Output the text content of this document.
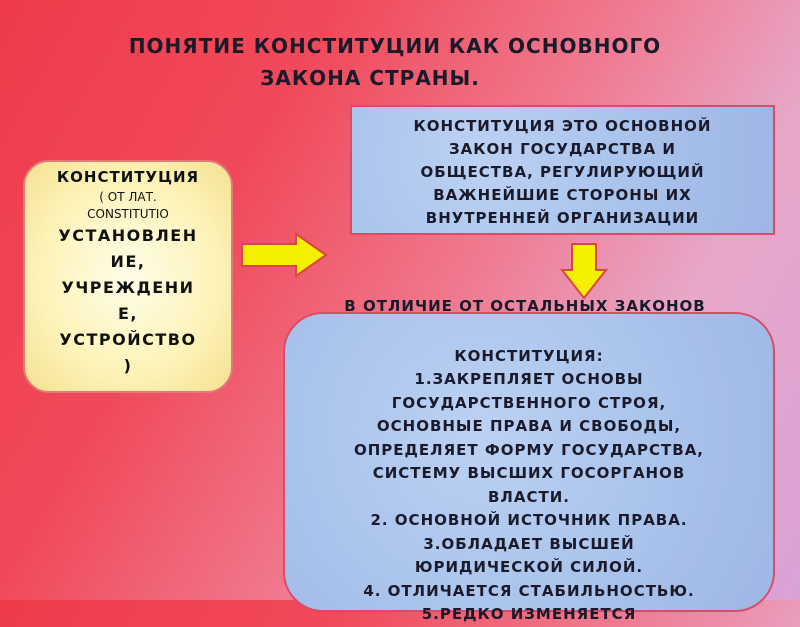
ПОНЯТИЕ КОНСТИТУЦИИ КАК ОСНОВНОГО
ЗАКОНА СТРАНЫ.
КОНСТИТУЦИЯ
( ОТ ЛАТ.
CONSTITUTIO
УСТАНОВЛЕН
ИЕ,
УЧРЕЖДЕНИ
Е,
УСТРОЙСТВО
)
КОНСТИТУЦИЯ ЭТО ОСНОВНОЙ
ЗАКОН ГОСУДАРСТВА И
ОБЩЕСТВА, РЕГУЛИРУЮЩИЙ
ВАЖНЕЙШИЕ СТОРОНЫ ИХ
ВНУТРЕННЕЙ ОРГАНИЗАЦИИ
В ОТЛИЧИЕ ОТ ОСТАЛЬНЫХ ЗАКОНОВ
КОНСТИТУЦИЯ:
1.ЗАКРЕПЛЯЕТ ОСНОВЫ
ГОСУДАРСТВЕННОГО СТРОЯ,
ОСНОВНЫЕ ПРАВА И СВОБОДЫ,
ОПРЕДЕЛЯЕТ ФОРМУ ГОСУДАРСТВА,
СИСТЕМУ ВЫСШИХ ГОСОРГАНОВ
ВЛАСТИ.
2. ОСНОВНОЙ ИСТОЧНИК ПРАВА.
3.ОБЛАДАЕТ ВЫСШЕЙ
ЮРИДИЧЕСКОЙ СИЛОЙ.
4. ОТЛИЧАЕТСЯ СТАБИЛЬНОСТЬЮ.
5.РЕДКО ИЗМЕНЯЕТСЯ
